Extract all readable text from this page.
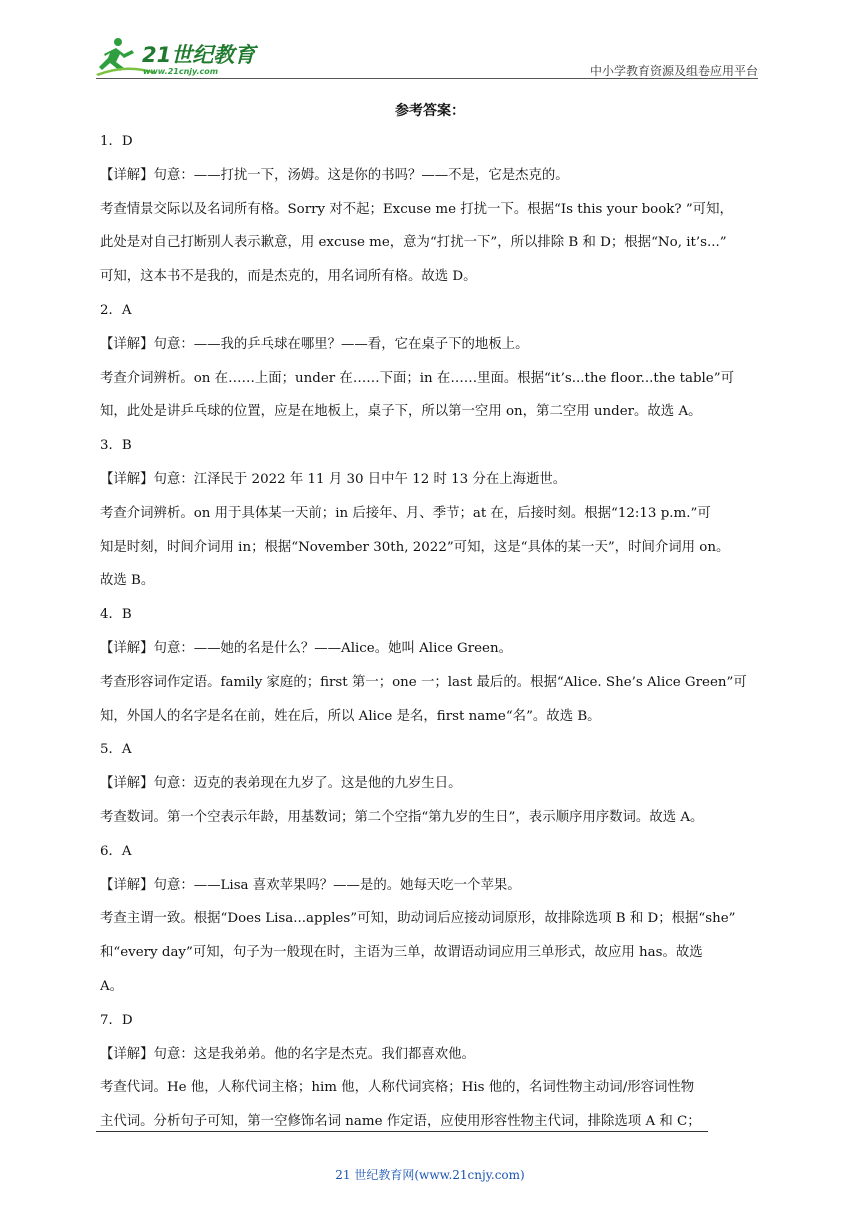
21世纪教育
www.21cnjy.com	中小学教育资源及组卷应用平台
参考答案：

1．D

【详解】句意：——打扰一下，汤姆。这是你的书吗？——不是，它是杰克的。

考查情景交际以及名词所有格。Sorry 对不起；Excuse me 打扰一下。根据“Is this your book? ”可知，

此处是对自己打断别人表示歉意，用 excuse me，意为“打扰一下”，所以排除 B 和 D；根据“No, it’s...”

可知，这本书不是我的，而是杰克的，用名词所有格。故选 D。

2．A

【详解】句意：——我的乒乓球在哪里？——看，它在桌子下的地板上。

考查介词辨析。on 在……上面；under 在……下面；in 在……里面。根据“it’s...the floor...the table”可

知，此处是讲乒乓球的位置，应是在地板上，桌子下，所以第一空用 on，第二空用 under。故选 A。

3．B

【详解】句意：江泽民于 2022 年 11 月 30 日中午 12 时 13 分在上海逝世。

考查介词辨析。on 用于具体某一天前；in 后接年、月、季节；at 在，后接时刻。根据“12:13 p.m.”可

知是时刻，时间介词用 in；根据“November 30th, 2022”可知，这是“具体的某一天”，时间介词用 on。

故选 B。

4．B

【详解】句意：——她的名是什么？——Alice。她叫 Alice Green。

考查形容词作定语。family 家庭的；first 第一；one 一；last 最后的。根据“Alice. She’s Alice Green”可

知，外国人的名字是名在前，姓在后，所以 Alice 是名，first name“名”。故选 B。

5．A

【详解】句意：迈克的表弟现在九岁了。这是他的九岁生日。

考查数词。第一个空表示年龄，用基数词；第二个空指“第九岁的生日”，表示顺序用序数词。故选 A。

6．A

【详解】句意：——Lisa 喜欢苹果吗？——是的。她每天吃一个苹果。

考查主谓一致。根据“Does Lisa...apples”可知，助动词后应接动词原形，故排除选项 B 和 D；根据“she”

和“every day”可知，句子为一般现在时，主语为三单，故谓语动词应用三单形式，故应用 has。故选

A。

7．D

【详解】句意：这是我弟弟。他的名字是杰克。我们都喜欢他。

考查代词。He 他，人称代词主格；him 他，人称代词宾格；His 他的，名词性物主动词/形容词性物

主代词。分析句子可知，第一空修饰名词 name 作定语，应使用形容性物主代词，排除选项 A 和 C；

21 世纪教育网(www.21cnjy.com)
